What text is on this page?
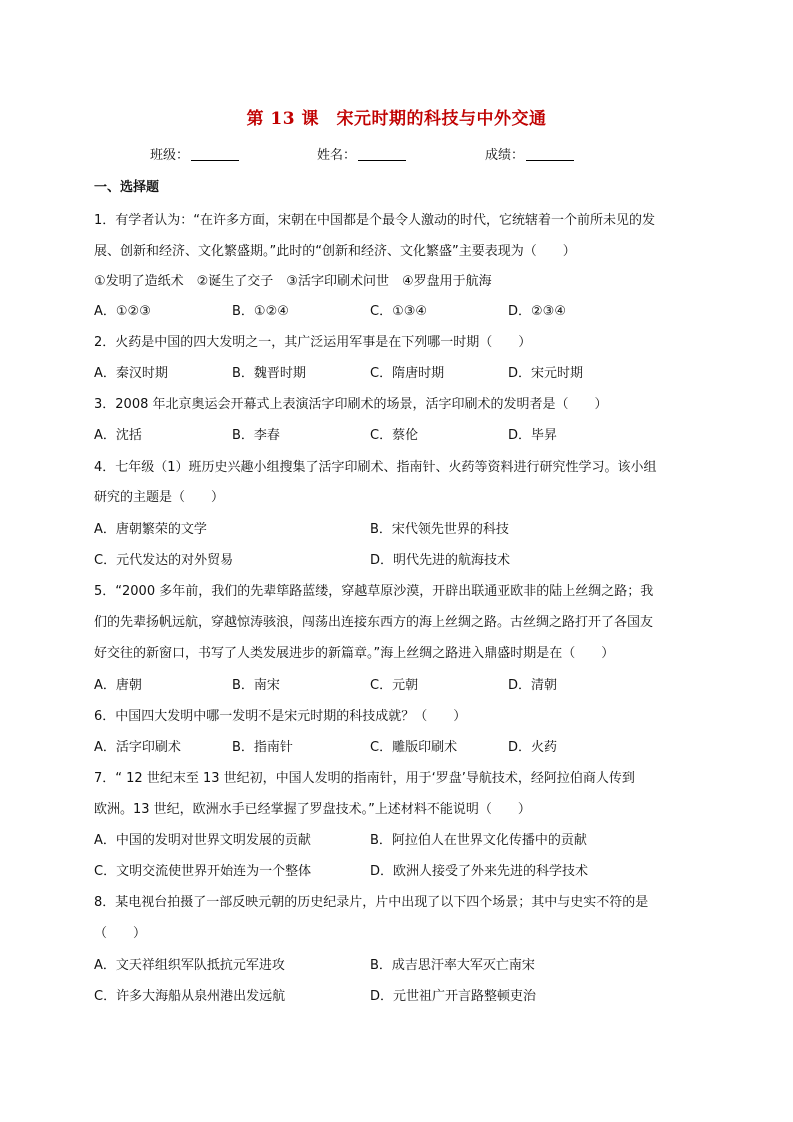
第 13 课　宋元时期的科技与中外交通
班级：	姓名：	成绩：
一、选择题
1．有学者认为：“在许多方面，宋朝在中国都是个最令人激动的时代，它统辖着一个前所未见的发
展、创新和经济、文化繁盛期。”此时的“创新和经济、文化繁盛”主要表现为（　　）
①发明了造纸术　②诞生了交子　③活字印刷术问世　④罗盘用于航海
A．①②③	B．①②④	C．①③④	D．②③④
2．火药是中国的四大发明之一，其广泛运用军事是在下列哪一时期（　　）
A．秦汉时期	B．魏晋时期	C．隋唐时期	D．宋元时期
3．2008 年北京奥运会开幕式上表演活字印刷术的场景，活字印刷术的发明者是（　　）
A．沈括	B．李春	C．蔡伦	D．毕昇
4．七年级（1）班历史兴趣小组搜集了活字印刷术、指南针、火药等资料进行研究性学习。该小组
研究的主题是（　　）
A．唐朝繁荣的文学	B．宋代领先世界的科技
C．元代发达的对外贸易	D．明代先进的航海技术
5．“2000 多年前，我们的先辈筚路蓝缕，穿越草原沙漠，开辟出联通亚欧非的陆上丝绸之路；我
们的先辈扬帆远航，穿越惊涛骇浪，闯荡出连接东西方的海上丝绸之路。古丝绸之路打开了各国友
好交往的新窗口，书写了人类发展进步的新篇章。”海上丝绸之路进入鼎盛时期是在（　　）
A．唐朝	B．南宋	C．元朝	D．清朝
6．中国四大发明中哪一发明不是宋元时期的科技成就？（　　）
A．活字印刷术	B．指南针	C．雕版印刷术	D．火药
7．“ 12 世纪末至 13 世纪初，中国人发明的指南针，用于‘罗盘’导航技术，经阿拉伯商人传到
欧洲。13 世纪，欧洲水手已经掌握了罗盘技术。”上述材料不能说明（　　）
A．中国的发明对世界文明发展的贡献	B．阿拉伯人在世界文化传播中的贡献
C．文明交流使世界开始连为一个整体	D．欧洲人接受了外来先进的科学技术
8．某电视台拍摄了一部反映元朝的历史纪录片，片中出现了以下四个场景；其中与史实不符的是
（　　）
A．文天祥组织军队抵抗元军进攻	B．成吉思汗率大军灭亡南宋
C．许多大海船从泉州港出发远航	D．元世祖广开言路整顿吏治
